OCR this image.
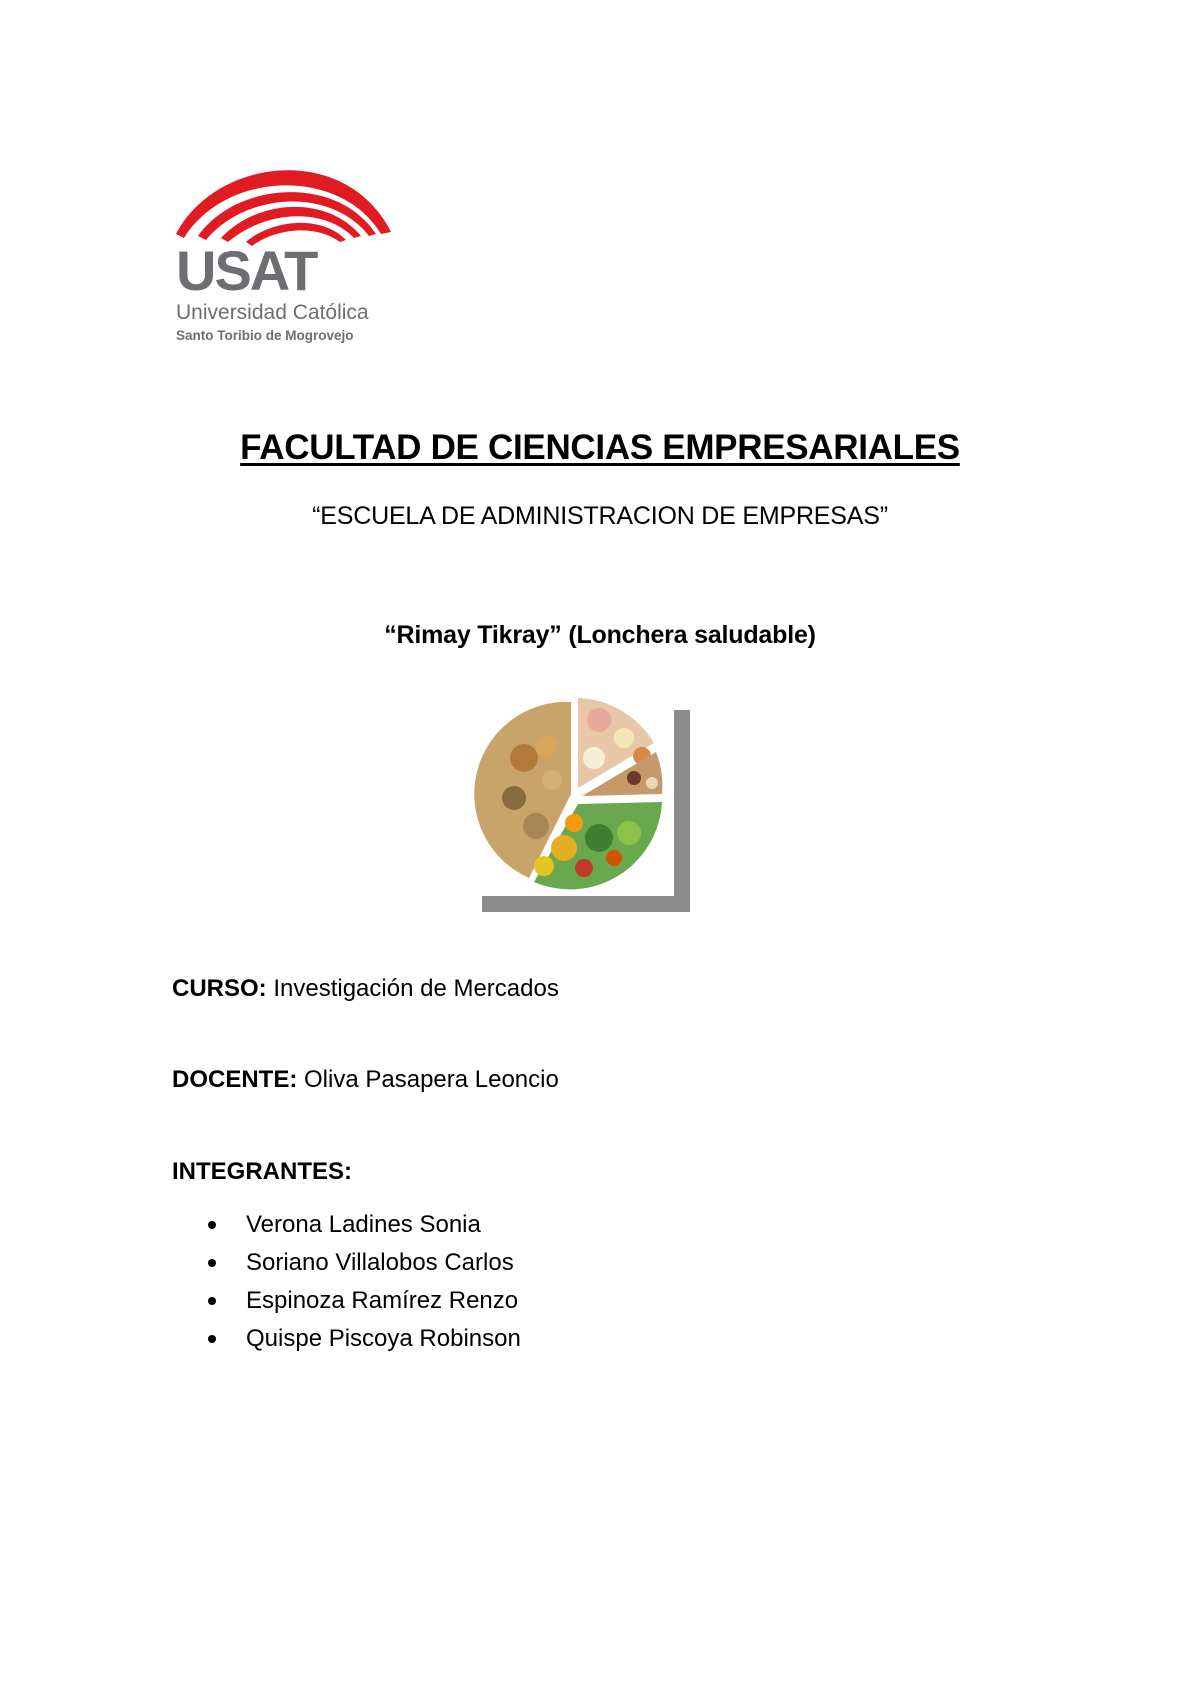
USAT
Universidad Católica
Santo Toribio de Mogrovejo
FACULTAD DE CIENCIAS EMPRESARIALES
“ESCUELA DE ADMINISTRACION DE EMPRESAS”
“Rimay Tikray” (Lonchera saludable)
CURSO: Investigación de Mercados
DOCENTE: Oliva Pasapera Leoncio
INTEGRANTES:
Verona Ladines Sonia
Soriano Villalobos Carlos
Espinoza Ramírez Renzo
Quispe Piscoya Robinson
